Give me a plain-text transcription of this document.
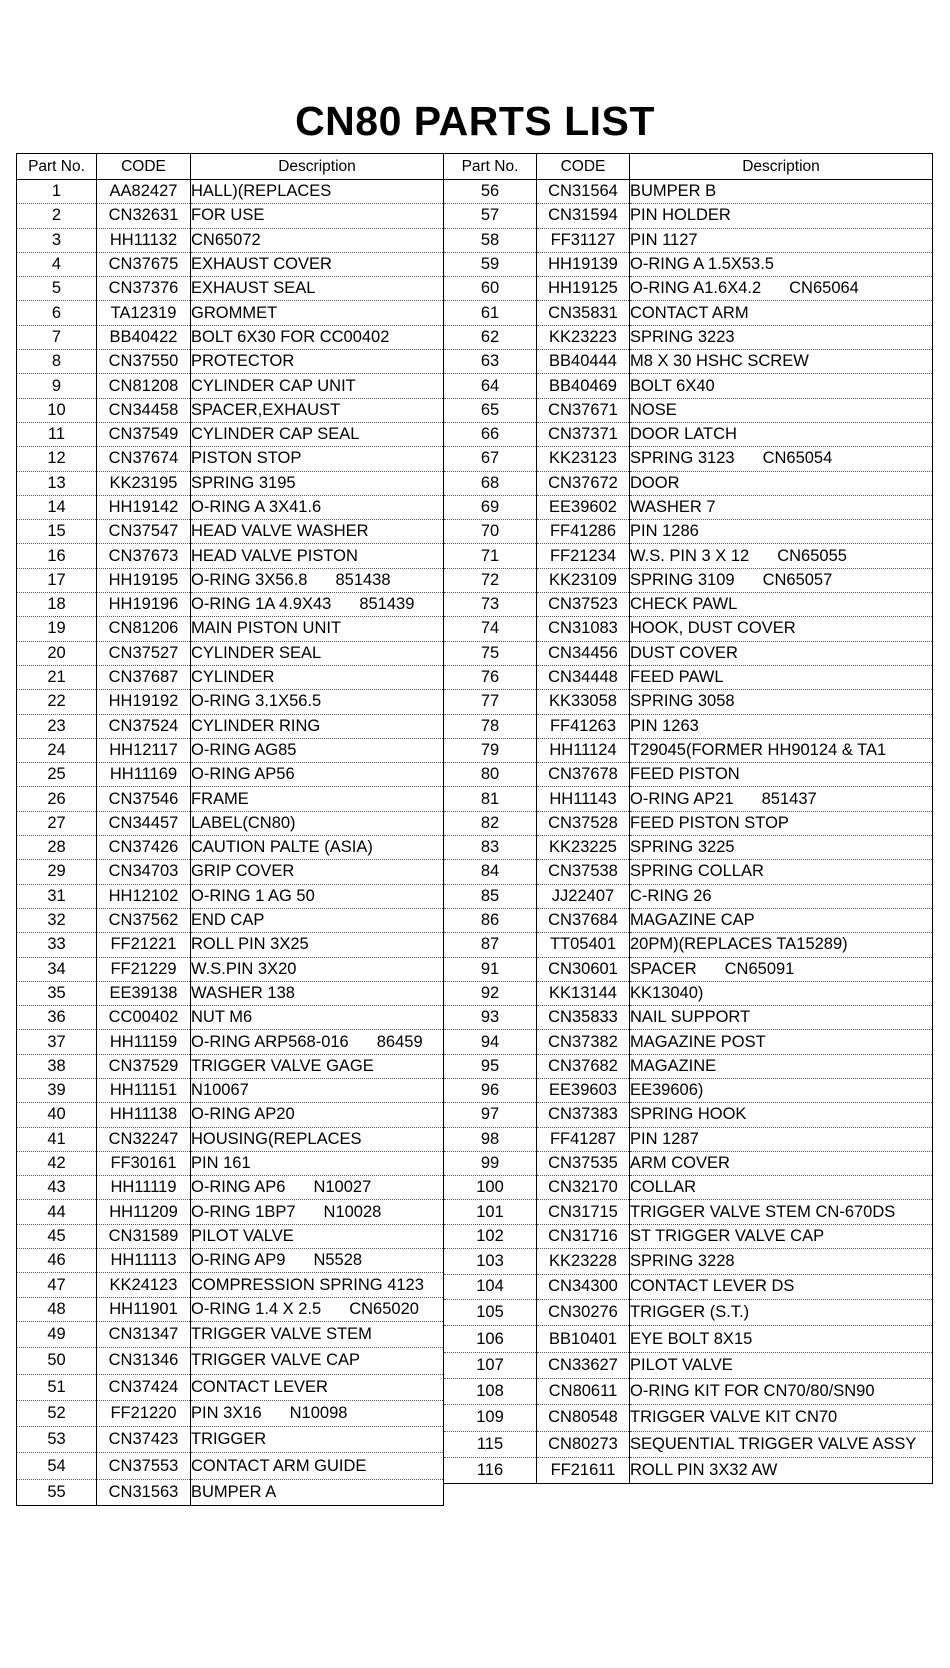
CN80 PARTS LIST
Part No.	CODE	Description
1	AA82427	HALL)(REPLACES
2	CN32631	FOR USE
3	HH11132	CN65072
4	CN37675	EXHAUST COVER
5	CN37376	EXHAUST SEAL
6	TA12319	GROMMET
7	BB40422	BOLT 6X30 FOR CC00402
8	CN37550	PROTECTOR
9	CN81208	CYLINDER CAP UNIT
10	CN34458	SPACER,EXHAUST
11	CN37549	CYLINDER CAP SEAL
12	CN37674	PISTON STOP
13	KK23195	SPRING 3195
14	HH19142	O-RING A 3X41.6
15	CN37547	HEAD VALVE WASHER
16	CN37673	HEAD VALVE PISTON
17	HH19195	O-RING 3X56.8 851438
18	HH19196	O-RING 1A 4.9X43 851439
19	CN81206	MAIN PISTON UNIT
20	CN37527	CYLINDER SEAL
21	CN37687	CYLINDER
22	HH19192	O-RING 3.1X56.5
23	CN37524	CYLINDER RING
24	HH12117	O-RING AG85
25	HH11169	O-RING AP56
26	CN37546	FRAME
27	CN34457	LABEL(CN80)
28	CN37426	CAUTION PALTE (ASIA)
29	CN34703	GRIP COVER
31	HH12102	O-RING 1 AG 50
32	CN37562	END CAP
33	FF21221	ROLL PIN 3X25
34	FF21229	W.S.PIN 3X20
35	EE39138	WASHER 138
36	CC00402	NUT M6
37	HH11159	O-RING ARP568-016 86459
38	CN37529	TRIGGER VALVE GAGE
39	HH11151	N10067
40	HH11138	O-RING AP20
41	CN32247	HOUSING(REPLACES
42	FF30161	PIN 161
43	HH11119	O-RING AP6 N10027
44	HH11209	O-RING 1BP7 N10028
45	CN31589	PILOT VALVE
46	HH11113	O-RING AP9 N5528
47	KK24123	COMPRESSION SPRING 4123
48	HH11901	O-RING 1.4 X 2.5 CN65020
49	CN31347	TRIGGER VALVE STEM
50	CN31346	TRIGGER VALVE CAP
51	CN37424	CONTACT LEVER
52	FF21220	PIN 3X16 N10098
53	CN37423	TRIGGER
54	CN37553	CONTACT ARM GUIDE
55	CN31563	BUMPER A
Part No.	CODE	Description
56	CN31564	BUMPER B
57	CN31594	PIN HOLDER
58	FF31127	PIN 1127
59	HH19139	O-RING A 1.5X53.5
60	HH19125	O-RING A1.6X4.2 CN65064
61	CN35831	CONTACT ARM
62	KK23223	SPRING 3223
63	BB40444	M8 X 30 HSHC SCREW
64	BB40469	BOLT 6X40
65	CN37671	NOSE
66	CN37371	DOOR LATCH
67	KK23123	SPRING 3123 CN65054
68	CN37672	DOOR
69	EE39602	WASHER 7
70	FF41286	PIN 1286
71	FF21234	W.S. PIN 3 X 12 CN65055
72	KK23109	SPRING 3109 CN65057
73	CN37523	CHECK PAWL
74	CN31083	HOOK, DUST COVER
75	CN34456	DUST COVER
76	CN34448	FEED PAWL
77	KK33058	SPRING 3058
78	FF41263	PIN 1263
79	HH11124	T29045(FORMER HH90124 & TA1
80	CN37678	FEED PISTON
81	HH11143	O-RING AP21 851437
82	CN37528	FEED PISTON STOP
83	KK23225	SPRING 3225
84	CN37538	SPRING COLLAR
85	JJ22407	C-RING 26
86	CN37684	MAGAZINE CAP
87	TT05401	20PM)(REPLACES TA15289)
91	CN30601	SPACER CN65091
92	KK13144	KK13040)
93	CN35833	NAIL SUPPORT
94	CN37382	MAGAZINE POST
95	CN37682	MAGAZINE
96	EE39603	EE39606)
97	CN37383	SPRING HOOK
98	FF41287	PIN 1287
99	CN37535	ARM COVER
100	CN32170	COLLAR
101	CN31715	TRIGGER VALVE STEM CN-670DS
102	CN31716	ST TRIGGER VALVE CAP
103	KK23228	SPRING 3228
104	CN34300	CONTACT LEVER DS
105	CN30276	TRIGGER (S.T.)
106	BB10401	EYE BOLT 8X15
107	CN33627	PILOT VALVE
108	CN80611	O-RING KIT FOR CN70/80/SN90
109	CN80548	TRIGGER VALVE KIT CN70
115	CN80273	SEQUENTIAL TRIGGER VALVE ASSY
116	FF21611	ROLL PIN 3X32 AW
